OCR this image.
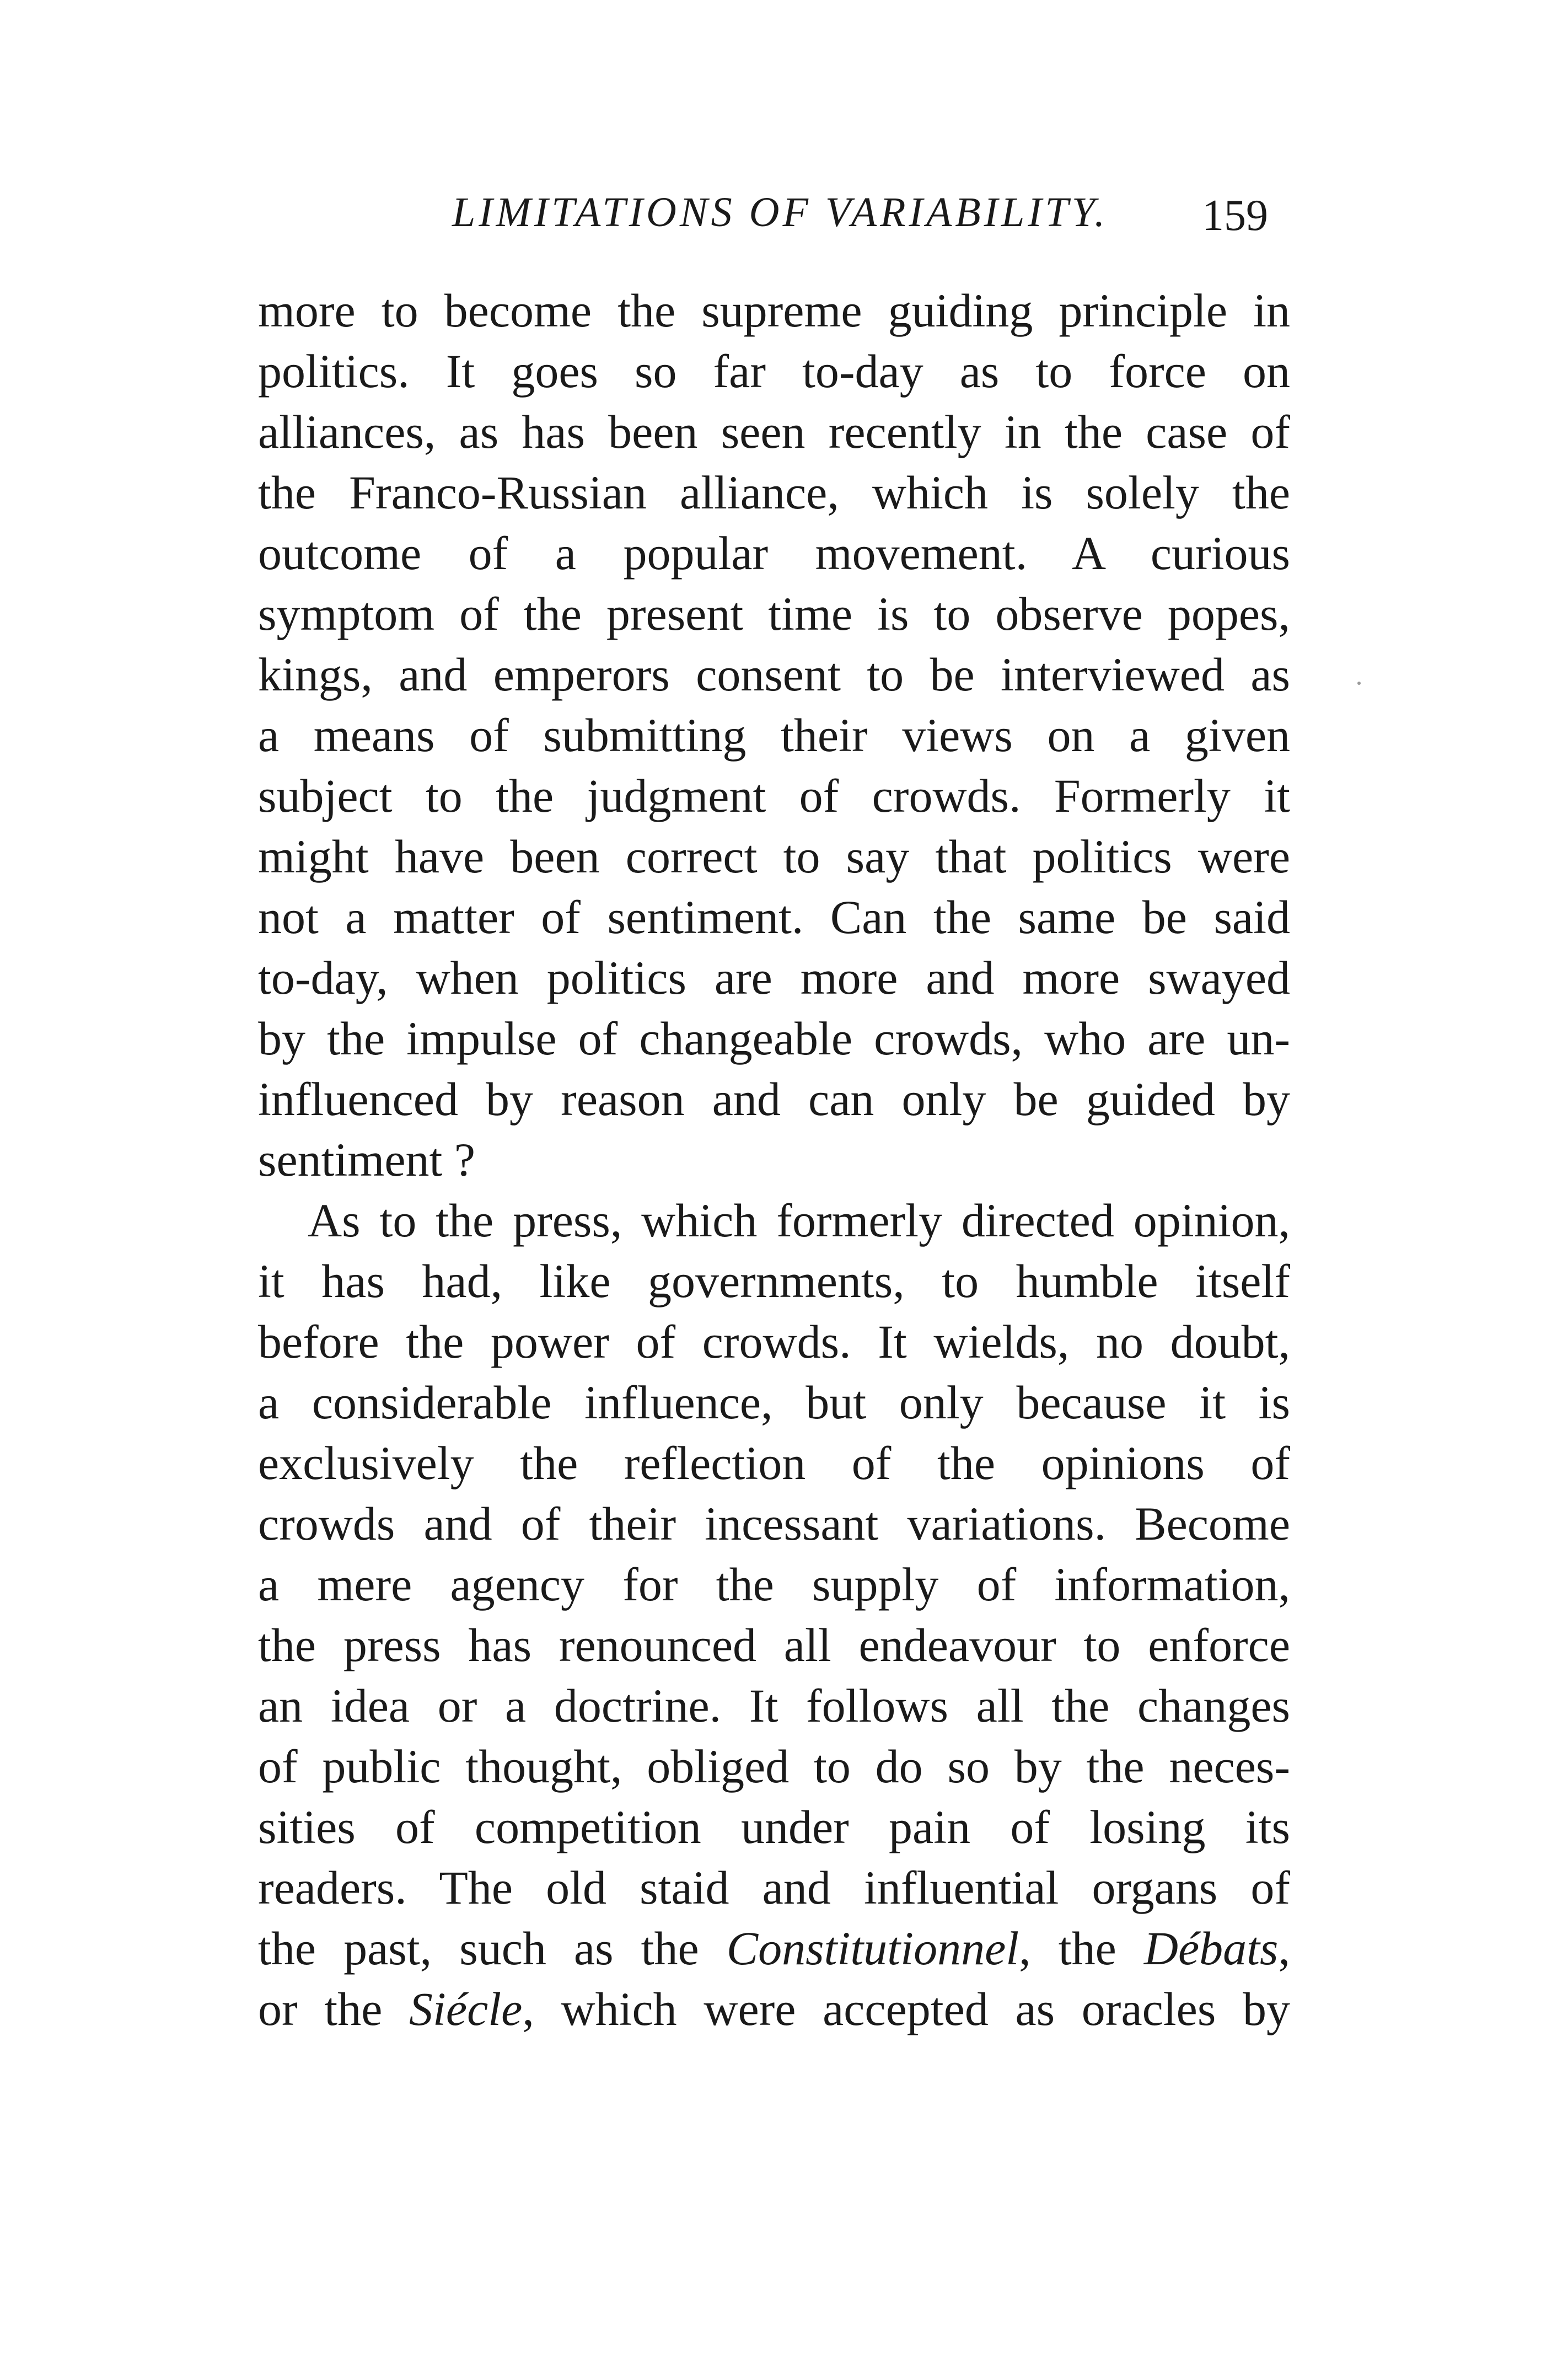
LIMITATIONS OF VARIABILITY. 159
more to become the supreme guiding principle in
politics. It goes so far to-day as to force on
alliances, as has been seen recently in the case of
the Franco-Russian alliance, which is solely the
outcome of a popular movement. A curious
symptom of the present time is to observe popes,
kings, and emperors consent to be interviewed as
a means of submitting their views on a given
subject to the judgment of crowds. Formerly it
might have been correct to say that politics were
not a matter of sentiment. Can the same be said
to-day, when politics are more and more swayed
by the impulse of changeable crowds, who are un-
influenced by reason and can only be guided by
sentiment ?
As to the press, which formerly directed opinion,
it has had, like governments, to humble itself
before the power of crowds. It wields, no doubt,
a considerable influence, but only because it is
exclusively the reflection of the opinions of
crowds and of their incessant variations. Become
a mere agency for the supply of information,
the press has renounced all endeavour to enforce
an idea or a doctrine. It follows all the changes
of public thought, obliged to do so by the neces-
sities of competition under pain of losing its
readers. The old staid and influential organs of
the past, such as the Constitutionnel, the Débats,
or the Siécle, which were accepted as oracles by
